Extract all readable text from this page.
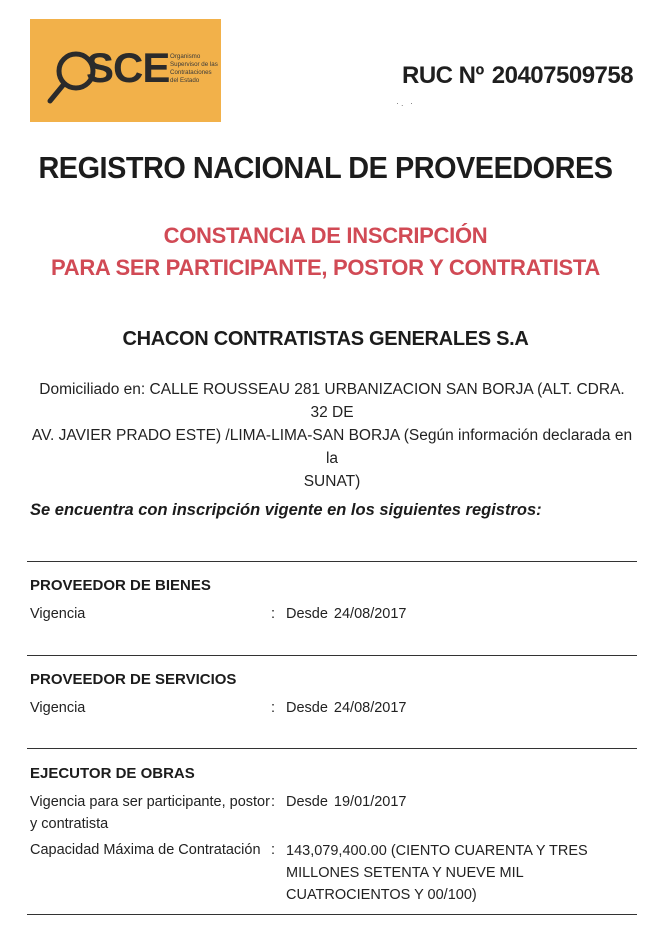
SCE Organismo
Supervisor de las
Contrataciones
del Estado	RUC Nº 20407509758
·. ·
REGISTRO NACIONAL DE PROVEEDORES
CONSTANCIA DE INSCRIPCIÓN
PARA SER PARTICIPANTE, POSTOR Y CONTRATISTA
CHACON CONTRATISTAS GENERALES S.A
Domiciliado en: CALLE ROUSSEAU 281 URBANIZACION SAN BORJA (ALT. CDRA. 32 DE
AV. JAVIER PRADO ESTE) /LIMA-LIMA-SAN BORJA (Según información declarada en la
SUNAT)
Se encuentra con inscripción vigente en los siguientes registros:
PROVEEDOR DE BIENES
Vigencia	: Desde 24/08/2017
PROVEEDOR DE SERVICIOS
Vigencia	: Desde 24/08/2017
EJECUTOR DE OBRAS
Vigencia para ser participante, postor
y contratista
: Desde 19/01/2017
Capacidad Máxima de Contratación : 143,079,400.00 (CIENTO CUARENTA Y TRES
MILLONES SETENTA Y NUEVE MIL
CUATROCIENTOS Y 00/100)
